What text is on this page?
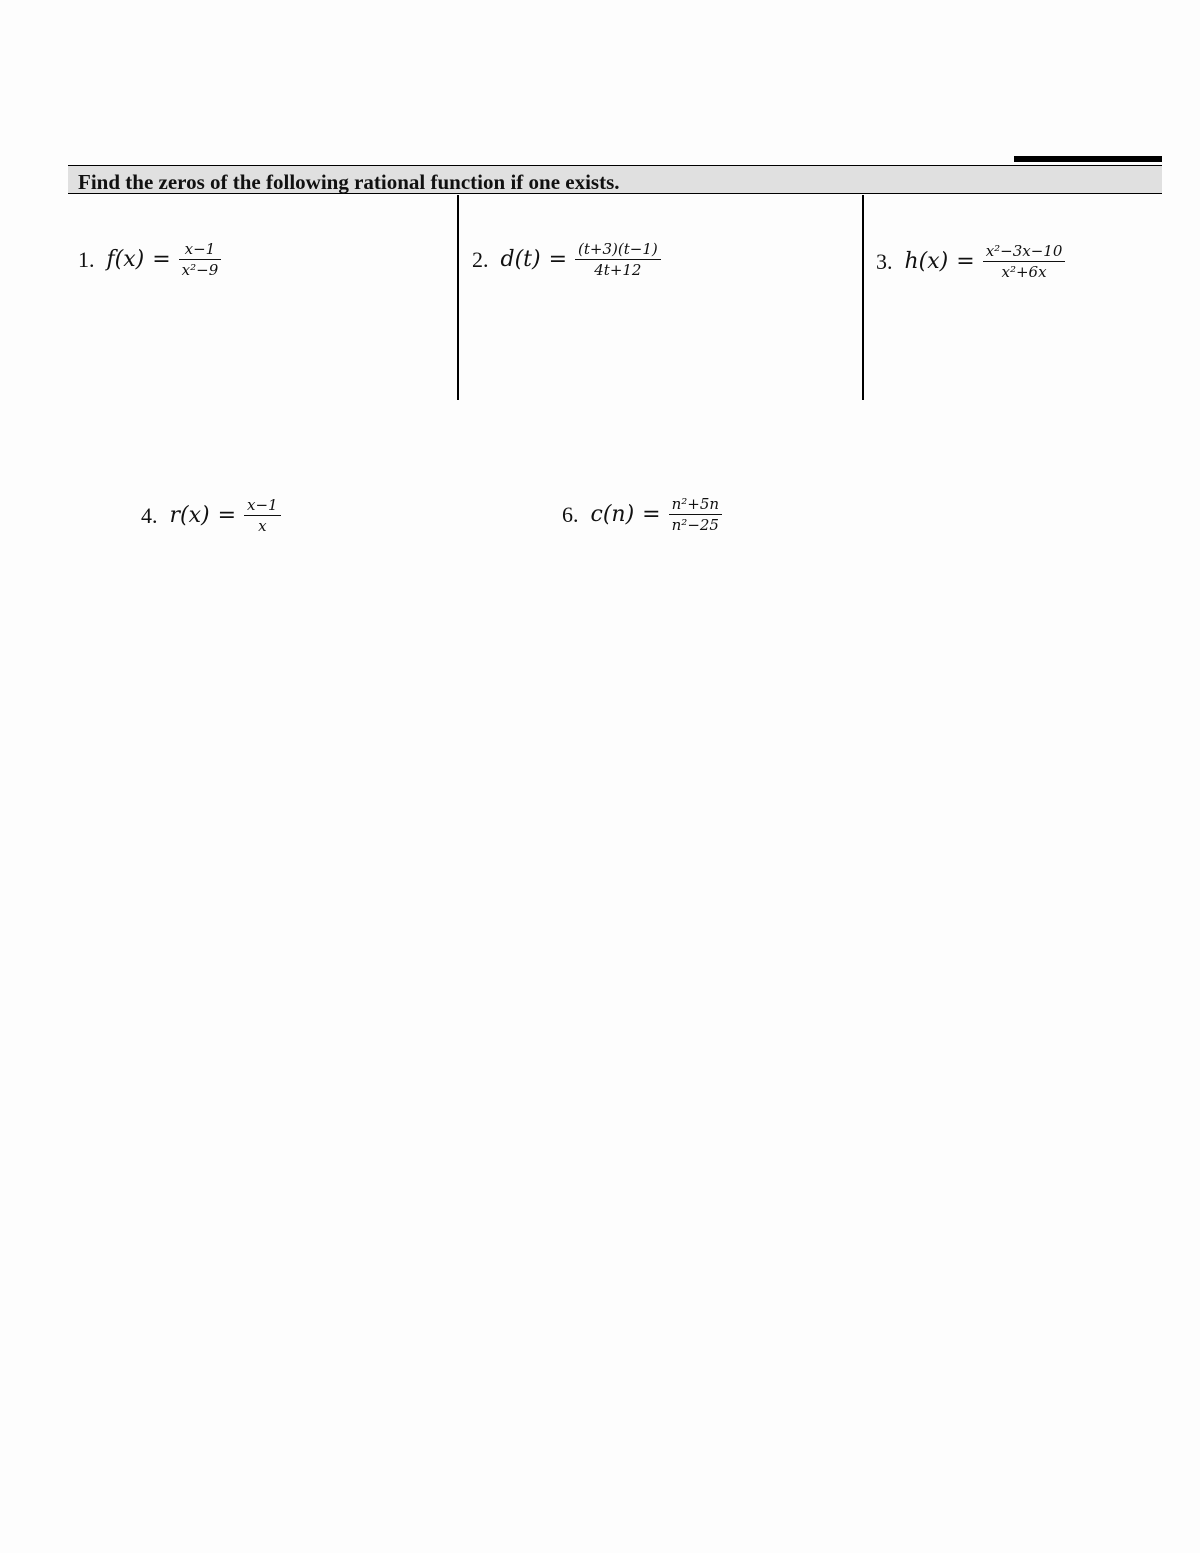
Find the zeros of the following rational function if one exists.
1. $f(x) = \frac{x-1}{\text{x²−9}}$	2. $d(t) = \frac{(t+3)(t-1)}{4t+12}$	3. $h(x) = \frac{\text{x²−3x−10}}{\text{x²+6x}}$
4. $r(x) = \frac{x-1}{x}$	6. $c(n) = \frac{\text{n²+5n}}{\text{n²−25}}$
